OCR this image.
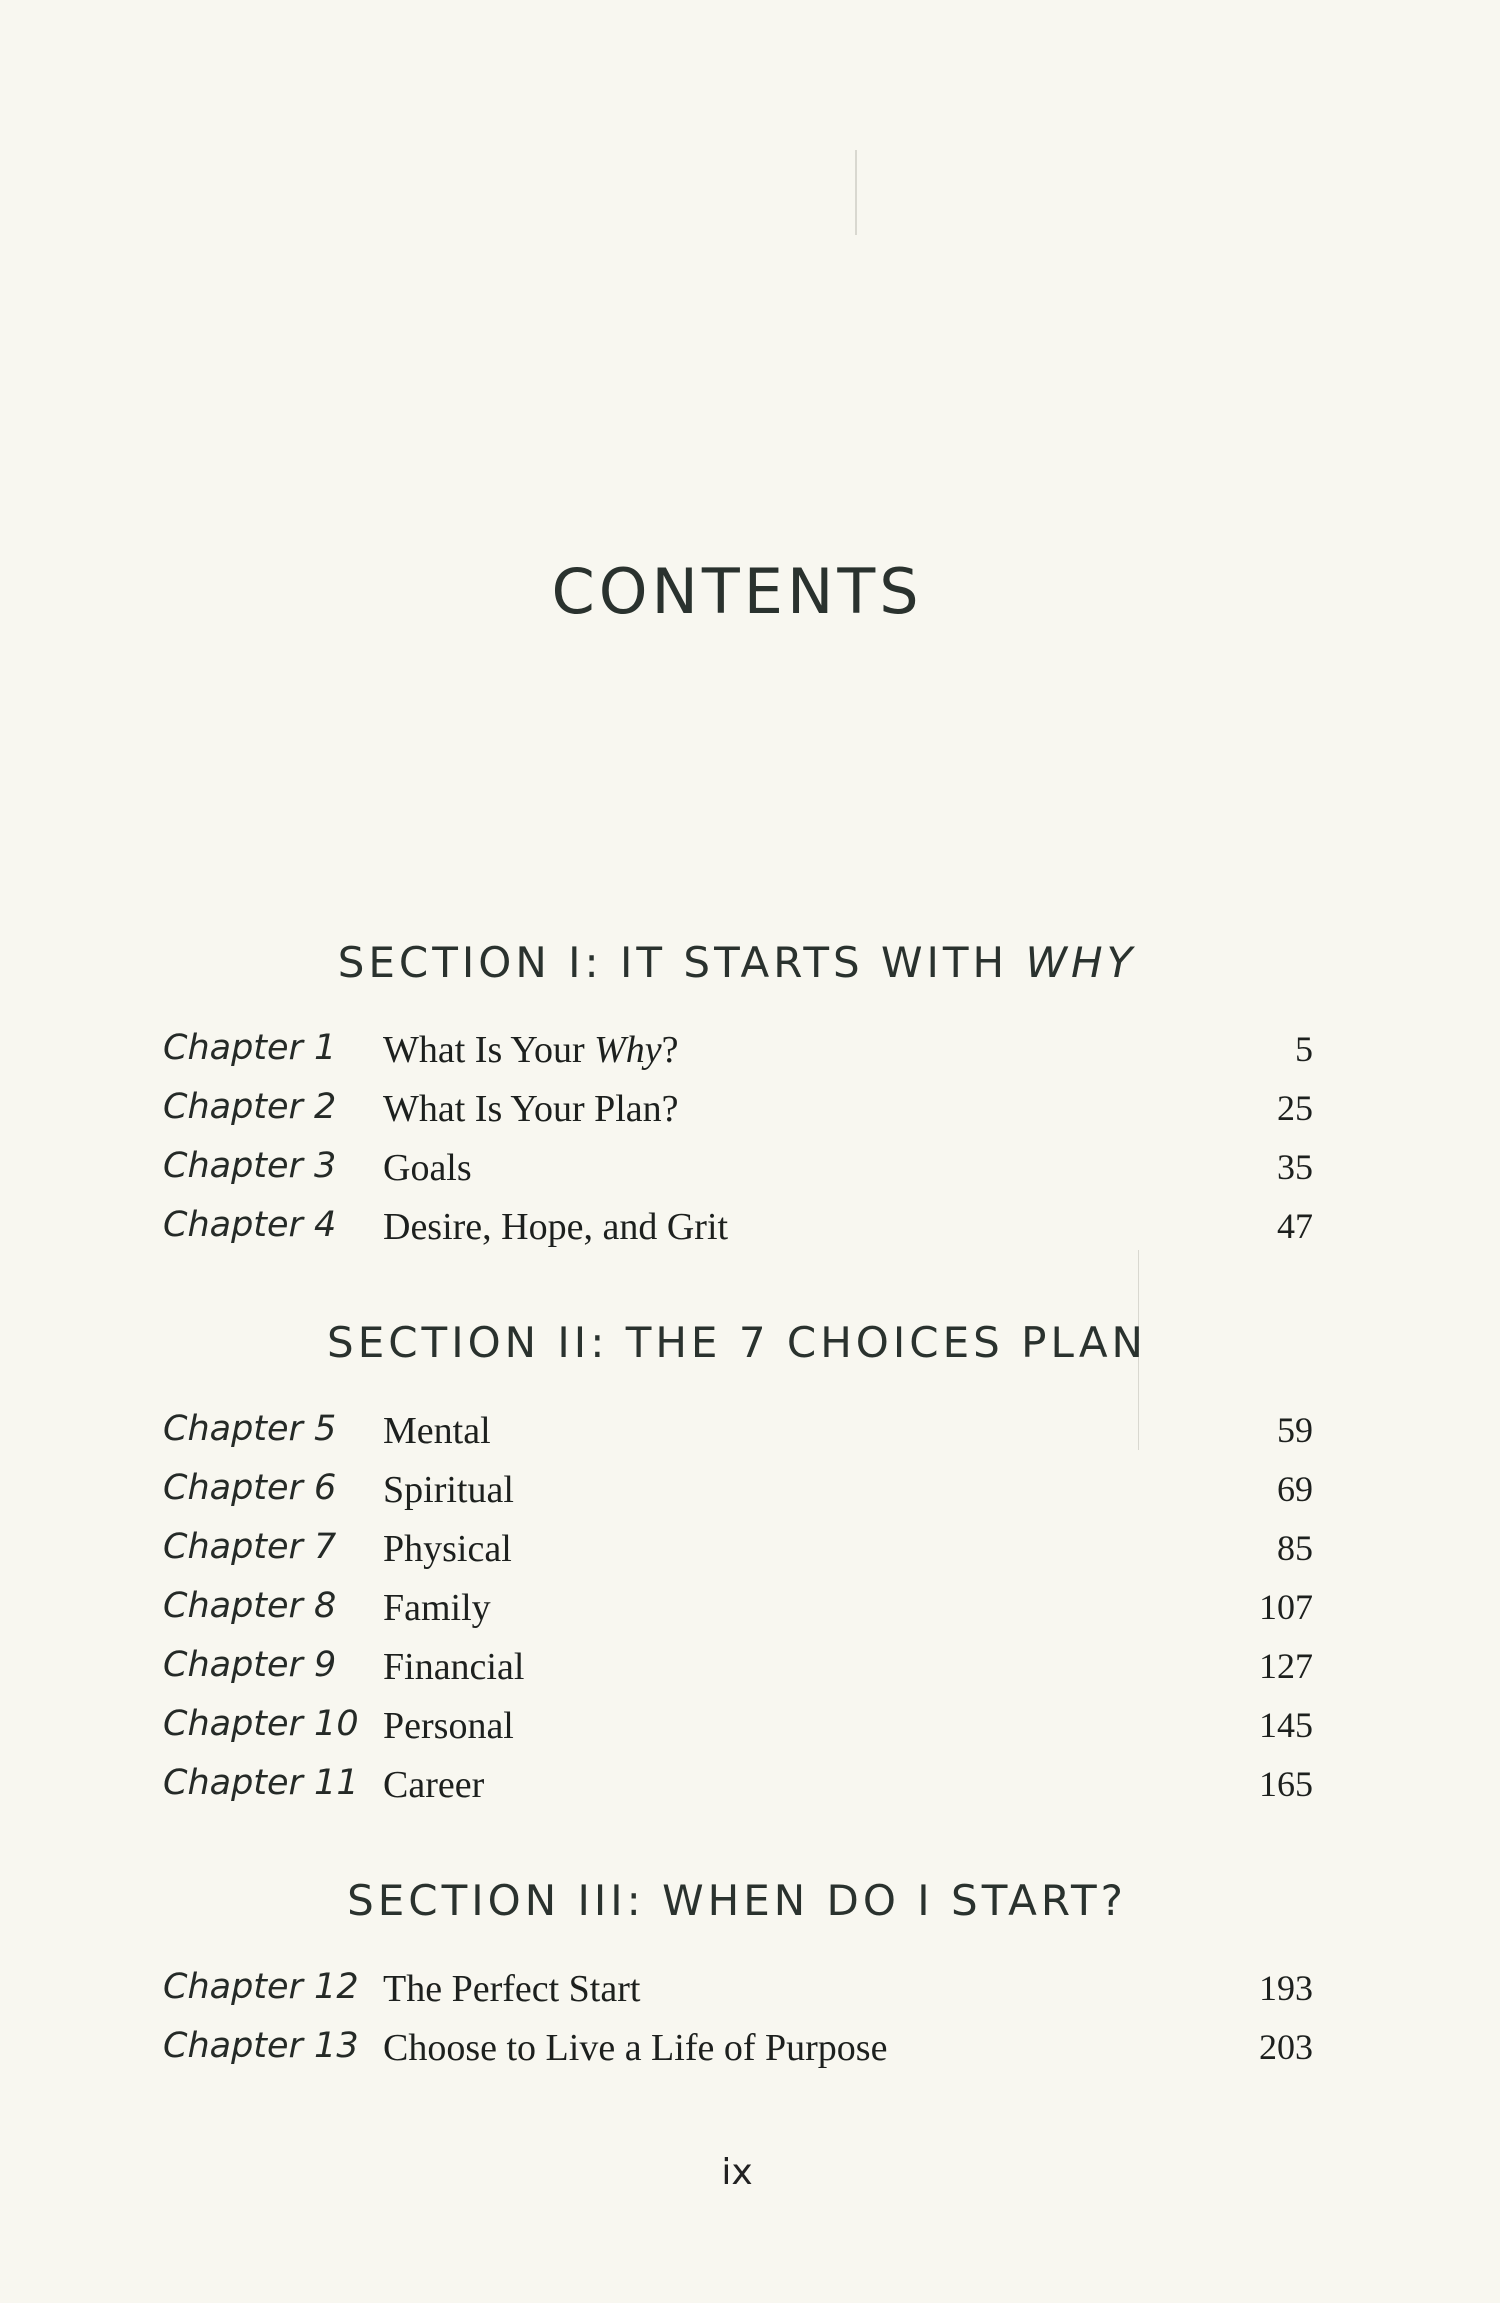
CONTENTS
SECTION I: IT STARTS WITH WHY
Chapter 1 What Is Your Why?	5
Chapter 2 What Is Your Plan?	25
Chapter 3 Goals	35
Chapter 4 Desire, Hope, and Grit	47
SECTION II: THE 7 CHOICES PLAN
Chapter 5 Mental	59
Chapter 6 Spiritual	69
Chapter 7 Physical	85
Chapter 8 Family	107
Chapter 9 Financial	127
Chapter 10 Personal	145
Chapter 11 Career	165
SECTION III: WHEN DO I START?
Chapter 12 The Perfect Start	193
Chapter 13 Choose to Live a Life of Purpose	203
ix
